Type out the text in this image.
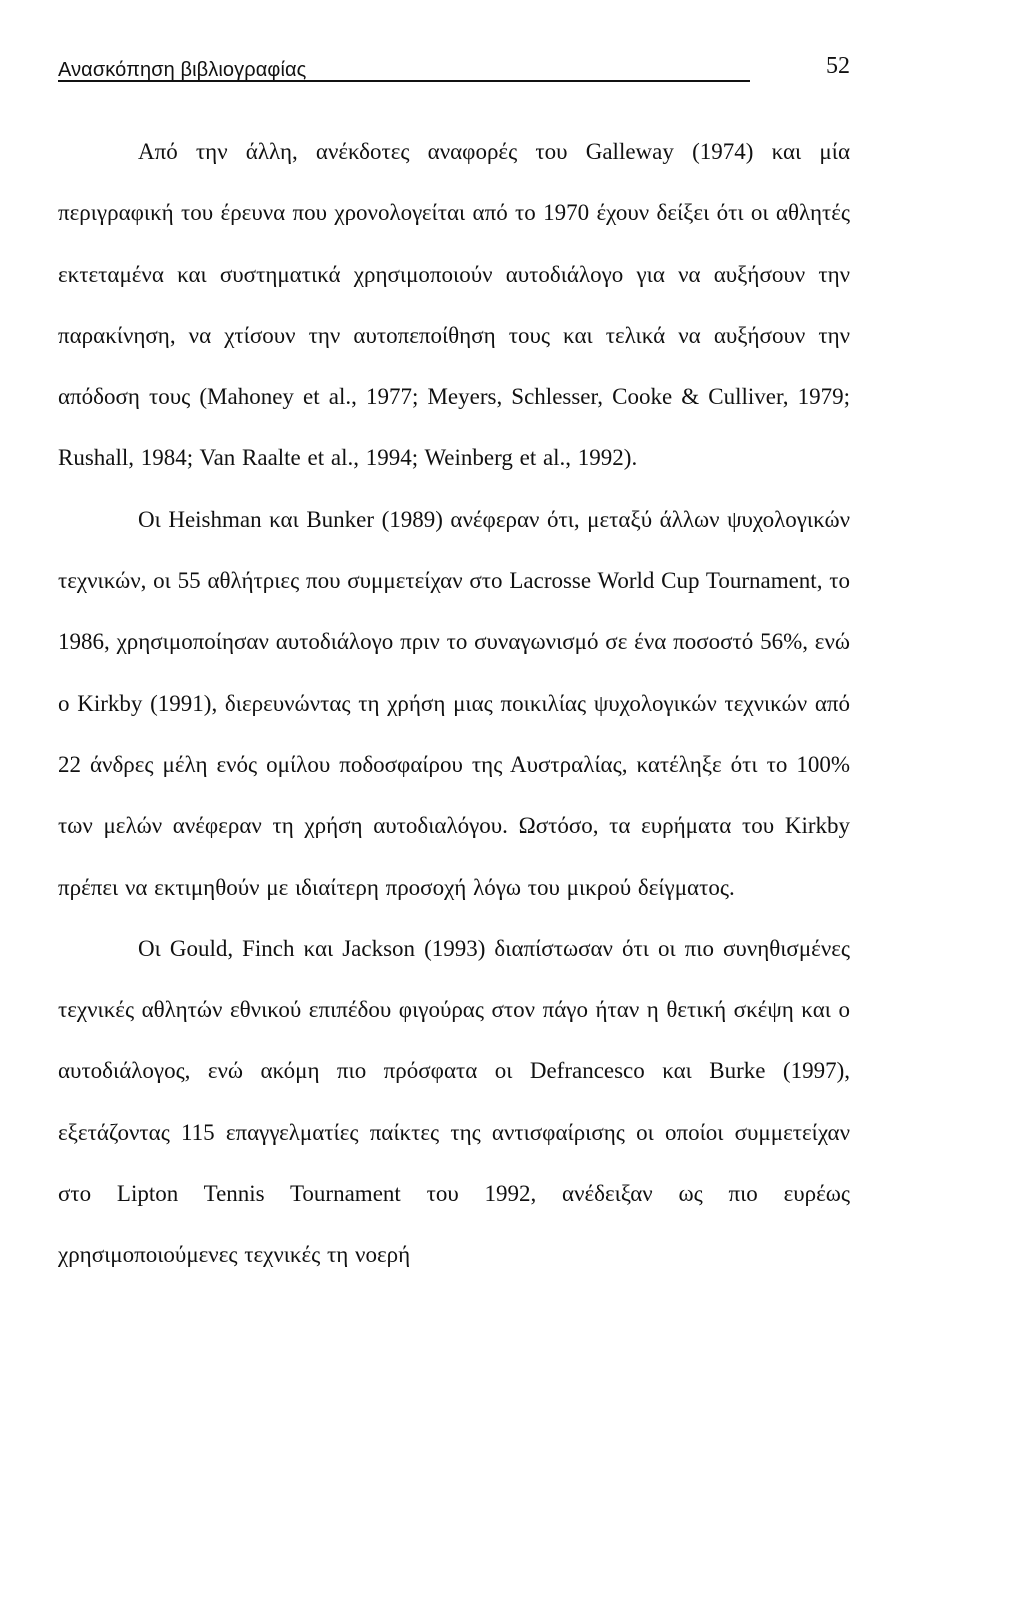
Ανασκόπηση βιβλιογραφίας	52

Από την άλλη, ανέκδοτες αναφορές του Galleway (1974) και μία περιγραφική του έρευνα που χρονολογείται από το 1970 έχουν δείξει ότι οι αθλητές εκτεταμένα και συστηματικά χρησιμοποιούν αυτοδιάλογο για να αυξήσουν την παρακίνηση, να χτίσουν την αυτοπεποίθηση τους και τελικά να αυξήσουν την απόδοση τους (Mahoney et al., 1977; Meyers, Schlesser, Cooke & Culliver, 1979; Rushall, 1984; Van Raalte et al., 1994; Weinberg et al., 1992).

Οι Heishman και Bunker (1989) ανέφεραν ότι, μεταξύ άλλων ψυχολογικών τεχνικών, οι 55 αθλήτριες που συμμετείχαν στο Lacrosse World Cup Tournament, το 1986, χρησιμοποίησαν αυτοδιάλογο πριν το συναγωνισμό σε ένα ποσοστό 56%, ενώ ο Kirkby (1991), διερευνώντας τη χρήση μιας ποικιλίας ψυχολογικών τεχνικών από 22 άνδρες μέλη ενός ομίλου ποδοσφαίρου της Αυστραλίας, κατέληξε ότι το 100% των μελών ανέφεραν τη χρήση αυτοδιαλόγου. Ωστόσο, τα ευρήματα του Kirkby πρέπει να εκτιμηθούν με ιδιαίτερη προσοχή λόγω του μικρού δείγματος.

Οι Gould, Finch και Jackson (1993) διαπίστωσαν ότι οι πιο συνηθισμένες τεχνικές αθλητών εθνικού επιπέδου φιγούρας στον πάγο ήταν η θετική σκέψη και ο αυτοδιάλογος, ενώ ακόμη πιο πρόσφατα οι Defrancesco και Burke (1997), εξετάζοντας 115 επαγγελματίες παίκτες της αντισφαίρισης οι οποίοι συμμετείχαν στο Lipton Tennis Tournament του 1992, ανέδειξαν ως πιο ευρέως χρησιμοποιούμενες τεχνικές τη νοερή
